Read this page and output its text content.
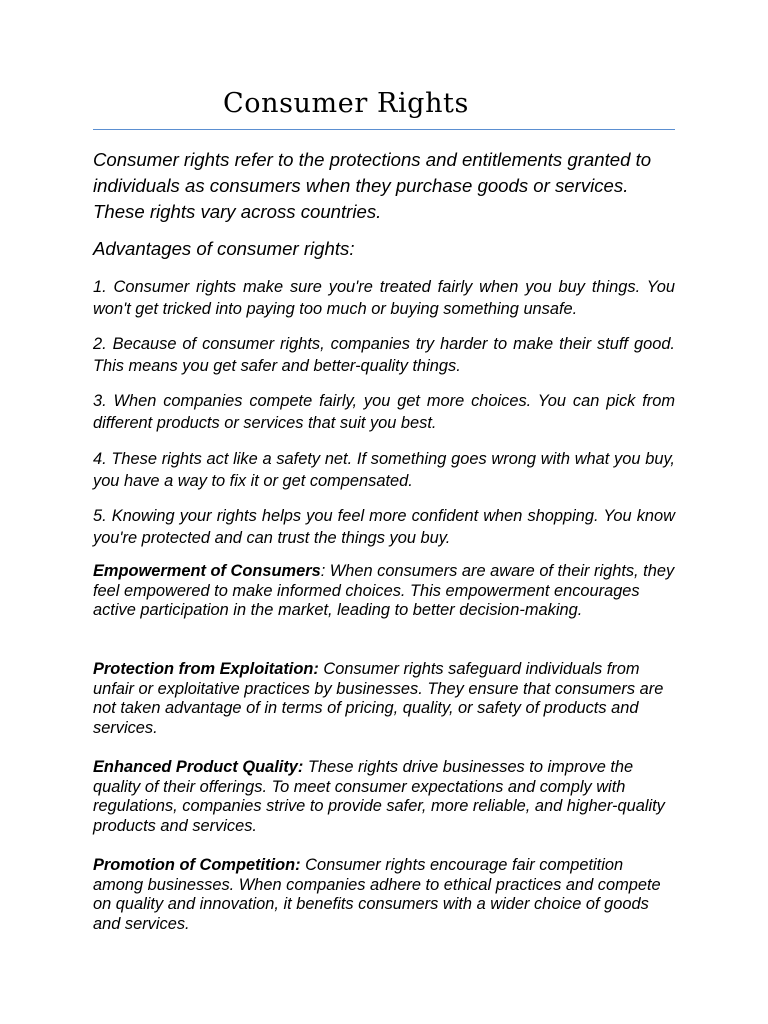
Consumer Rights

Consumer rights refer to the protections and entitlements granted to individuals as consumers when they purchase goods or services. These rights vary across countries.

Advantages of consumer rights:

1. Consumer rights make sure you're treated fairly when you buy things. You won't get tricked into paying too much or buying something unsafe.

2. Because of consumer rights, companies try harder to make their stuff good. This means you get safer and better-quality things.

3. When companies compete fairly, you get more choices. You can pick from different products or services that suit you best.

4. These rights act like a safety net. If something goes wrong with what you buy, you have a way to fix it or get compensated.

5. Knowing your rights helps you feel more confident when shopping. You know you're protected and can trust the things you buy.

Empowerment of Consumers: When consumers are aware of their rights, they feel empowered to make informed choices. This empowerment encourages active participation in the market, leading to better decision-making.

Protection from Exploitation: Consumer rights safeguard individuals from unfair or exploitative practices by businesses. They ensure that consumers are not taken advantage of in terms of pricing, quality, or safety of products and services.

Enhanced Product Quality: These rights drive businesses to improve the quality of their offerings. To meet consumer expectations and comply with regulations, companies strive to provide safer, more reliable, and higher-quality products and services.

Promotion of Competition: Consumer rights encourage fair competition among businesses. When companies adhere to ethical practices and compete on quality and innovation, it benefits consumers with a wider choice of goods and services.
